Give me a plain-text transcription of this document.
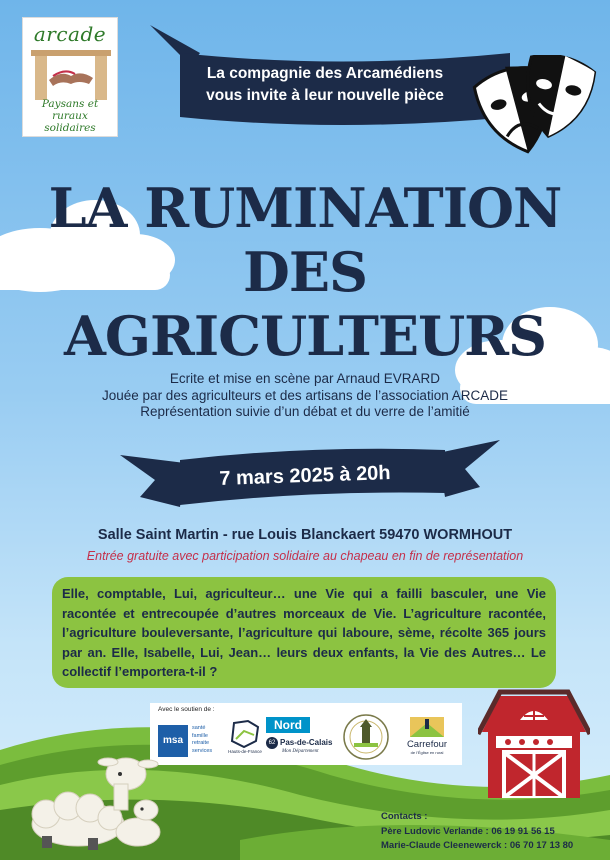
arcade
Paysans et ruraux solidaires
La compagnie des Arcamédiens
vous invite à leur nouvelle pièce
LA RUMINATION
DES
AGRICULTEURS
Ecrite et mise en scène par Arnaud EVRARD
Jouée par des agriculteurs et des artisans de l’association ARCADE
Représentation suivie d’un débat et du verre de l’amitié
7 mars 2025 à 20h
Salle Saint Martin - rue Louis Blanckaert 59470 WORMHOUT
Entrée gratuite avec participation solidaire au chapeau en fin de représentation
Elle, comptable, Lui, agriculteur… une Vie qui a failli basculer, une Vie racontée et entrecoupée d’autres morceaux de Vie. L’agriculture racontée, l’agriculture bouleversante, l’agriculture qui laboure, sème, récolte 365 jours par an. Elle, Isabelle, Lui, Jean… leurs deux enfants, la Vie des Autres… Le collectif l’emportera-t-il ?
Avec le soutien de :
msa
santé
famille
retraite
services	Hauts-de-France
Nord
62 Pas-de-Calais
Mon Département
Carrefour
de l'Église en rural
Contacts :
Père Ludovic Verlande : 06 19 91 56 15
Marie-Claude Cleenewerck : 06 70 17 13 80
